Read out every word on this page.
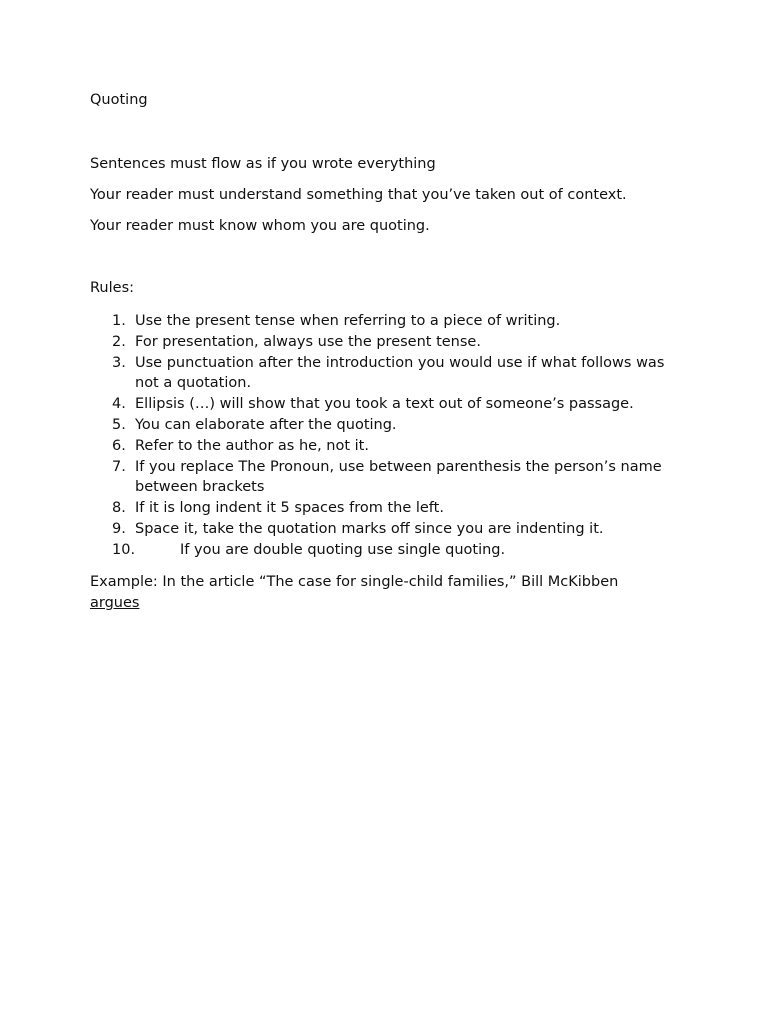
Quoting
Sentences must flow as if you wrote everything
Your reader must understand something that you’ve taken out of context.
Your reader must know whom you are quoting.
Rules:
1. Use the present tense when referring to a piece of writing.
2. For presentation, always use the present tense.
3. Use punctuation after the introduction you would use if what follows was not a quotation.
4. Ellipsis (…) will show that you took a text out of someone’s passage.
5. You can elaborate after the quoting.
6. Refer to the author as he, not it.
7. If you replace The Pronoun, use between parenthesis the person’s name between brackets
8. If it is long indent it 5 spaces from the left.
9. Space it, take the quotation marks off since you are indenting it.
10.	If you are double quoting use single quoting.
Example: In the article “The case for single-child families,” Bill McKibben argues
